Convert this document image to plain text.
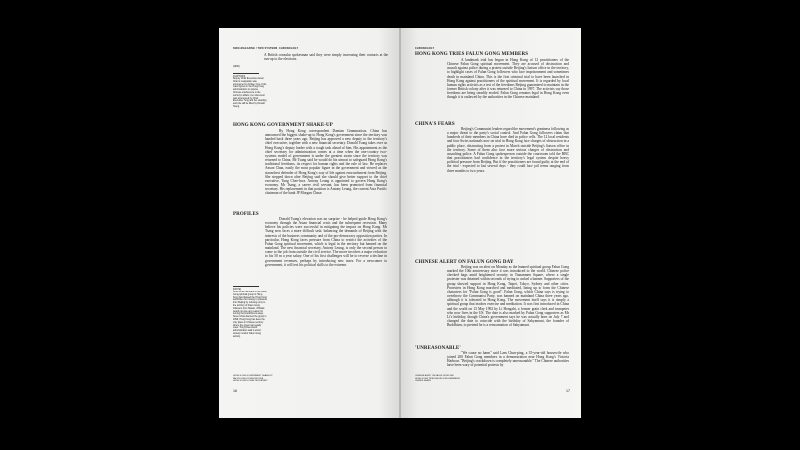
SINO-MAGAZINE / TWO SYSTEMS CHRONOLOGY
A British consular spokesman said they were simply increasing their contacts at the run-up to the elections.
[1999]
[CAPTION]
Deputy Chief Executive Anson Chan's resignation was announced on Friday. One of the main figures in the Hong Kong administration to oppose Chinese interference in the territory's affairs, her retirement was announced by Chief Executive Tung and her standing and role will be filled by Donald Tsang.
HONG KONG GOVERNMENT SHAKE-UP
By Hong Kong correspondent Damian Grammaticas. China has announced the biggest shake-up to Hong Kong's government since the territory was handed back three years ago. Beijing has approved a new deputy to the territory's chief executive, together with a new financial secretary. Donald Tsang takes over as Hong Kong's deputy leader with a tough task ahead of him. His appointment as the chief secretary for administration comes at a time when the one-country two-systems model of government is under the greatest strain since the territory was returned to China. Mr Tsang said he would do his utmost to safeguard Hong Kong's traditional freedoms, its respect for human rights and the rule of law. He replaces Anson Chan, easily the most popular figure in the government and viewed as the staunchest defender of Hong Kong's way of life against encroachment from Beijing. She stepped down after Beijing said she should give better support to the chief executive, Tung Chee-hwa. Antony Leung is appointed to govern Hong Kong's economy. Mr Tsang, a career civil servant, has been promoted from financial secretary. His replacement in that position is Antony Leung, the current Asia Pacific chairman of the bank JP Morgan Chase.
PROFILES
Donald Tsang's elevation was no surprise - he helped guide Hong Kong's economy through the Asian financial crisis and the subsequent recession. Many believe his policies were successful in mitigating the impact on Hong Kong. Mr Tsang now faces a more difficult task: balancing the demands of Beijing with the interests of the business community and of the pro-democracy opposition parties. In particular, Hong Kong faces pressure from China to restrict the activities of the Falun Gong spiritual movement, which is legal in the territory but banned on the mainland. The new financial secretary, Antony Leung, is only the second person to come to the job from outside the civil service. The move involves a major reduction to his 50 m a year salary. One of his first challenges will be to reverse a decline in government revenues, perhaps by introducing new taxes. For a newcomer to government, it will test his political skills to the extreme.
[NOTE]
Chief of all members of the Falun Gong spiritual group in Hong Kong has blamed the Hong Kong authorities for bowing to pressure from Beijing by refusing entry to the territory of Falun Gong followers from Taiwan. Officials would not give any reason for turning the practitioners away. Since China banned the group in 1999, Hong Kong has been the only place in Chinese territory where the group can legally meet. Tung Chee-hwa's administration said it would closely monitor Falun Gong activity.
HONG KONG GOVERNMENT SHAKE-UP
FALUN GONG TENSIONS RISE
HONG KONG'S CHIEF SECRETARY
16
CHRONOLOGY
HONG KONG TRIES FALUN GONG MEMBERS
A landmark trial has begun in Hong Kong of 12 practitioners of the Chinese Falun Gong spiritual movement. They are accused of obstruction and assault against police during a protest outside Beijing's liaison office in the territory, to highlight cases of Falun Gong followers who face imprisonment and sometimes death in mainland China. This is the first criminal trial to have been launched in Hong Kong against practitioners of the spiritual movement. It is regarded by local human rights activists as a test of the freedoms Beijing guaranteed to maintain in the former British colony after it was returned to China in 1997. The activists say those freedoms are being steadily eroded. Falun Gong remains legal in Hong Kong even though it is outlawed by the authorities in the Chinese mainland.
CHINA'S FEARS
Beijing's Communist leaders regard the movement's greatness following as a major threat to the party's social control. And Falun Gong followers claim that hundreds of their members in China have died in police cells. The 12 local residents and four Swiss nationals now on trial in Hong Kong face charges of obstruction in a public place, obstructing from a protest in March outside Beijing's liaison office in the territory. Some of them also face more serious charges of obstruction and assaulting police. A Falun Gong spokesperson outside the courtroom told the BBC that practitioners had confidence in the territory's legal system despite heavy political pressure from Beijing. But if the practitioners are found guilty at the end of the trial - expected to last several days - they could face jail terms ranging from three months to two years.
CHINESE ALERT ON FALUN GONG DAY
Beijing was on alert on Monday as the banned spiritual group Falun Gong marked the 10th anniversary since it was introduced to the world. Chinese police checked bags amid heightened security in Tiananmen Square, where a single protester was detained within seconds of trying to unfurl a banner. Supporters of the group showed support in Hong Kong, Taipei, Tokyo, Sydney and other cities. Protesters in Hong Kong marched and meditated, lining up to form the Chinese characters for "Falun Gong is good". Falun Gong, which China says is trying to overthrow the Communist Party, was banned on mainland China three years ago, although it is tolerated in Hong Kong. The movement itself says it is simply a spiritual group that teaches exercise and meditation. It was first introduced in China and the world on 13 May 1992 by Li Hongzhi, a former grain clerk and trumpeter who now lives in the US. The date is also marked by Falun Gong supporters as Mr Li's birthday, though China's government says he was actually born on July 7 and changed the date to coincide with the birthday of Sakyamuni, the founder of Buddhism, to pretend he is a reincarnation of Sakyamuni.
'UNREASONABLE'
"We cause no harm" said Lam Chun-ping, a 35-year-old housewife who joined 200 Falun Gong members in a demonstration near Hong Kong's Victoria Harbour. "Beijing's crackdown is completely unreasonable." The Chinese authorities have been wary of potential protests by
CHINESE ALERT ON FALUN GONG DAY
HONG KONG TRIES FALUN GONG MEMBERS
CHINA'S FEARS
17
